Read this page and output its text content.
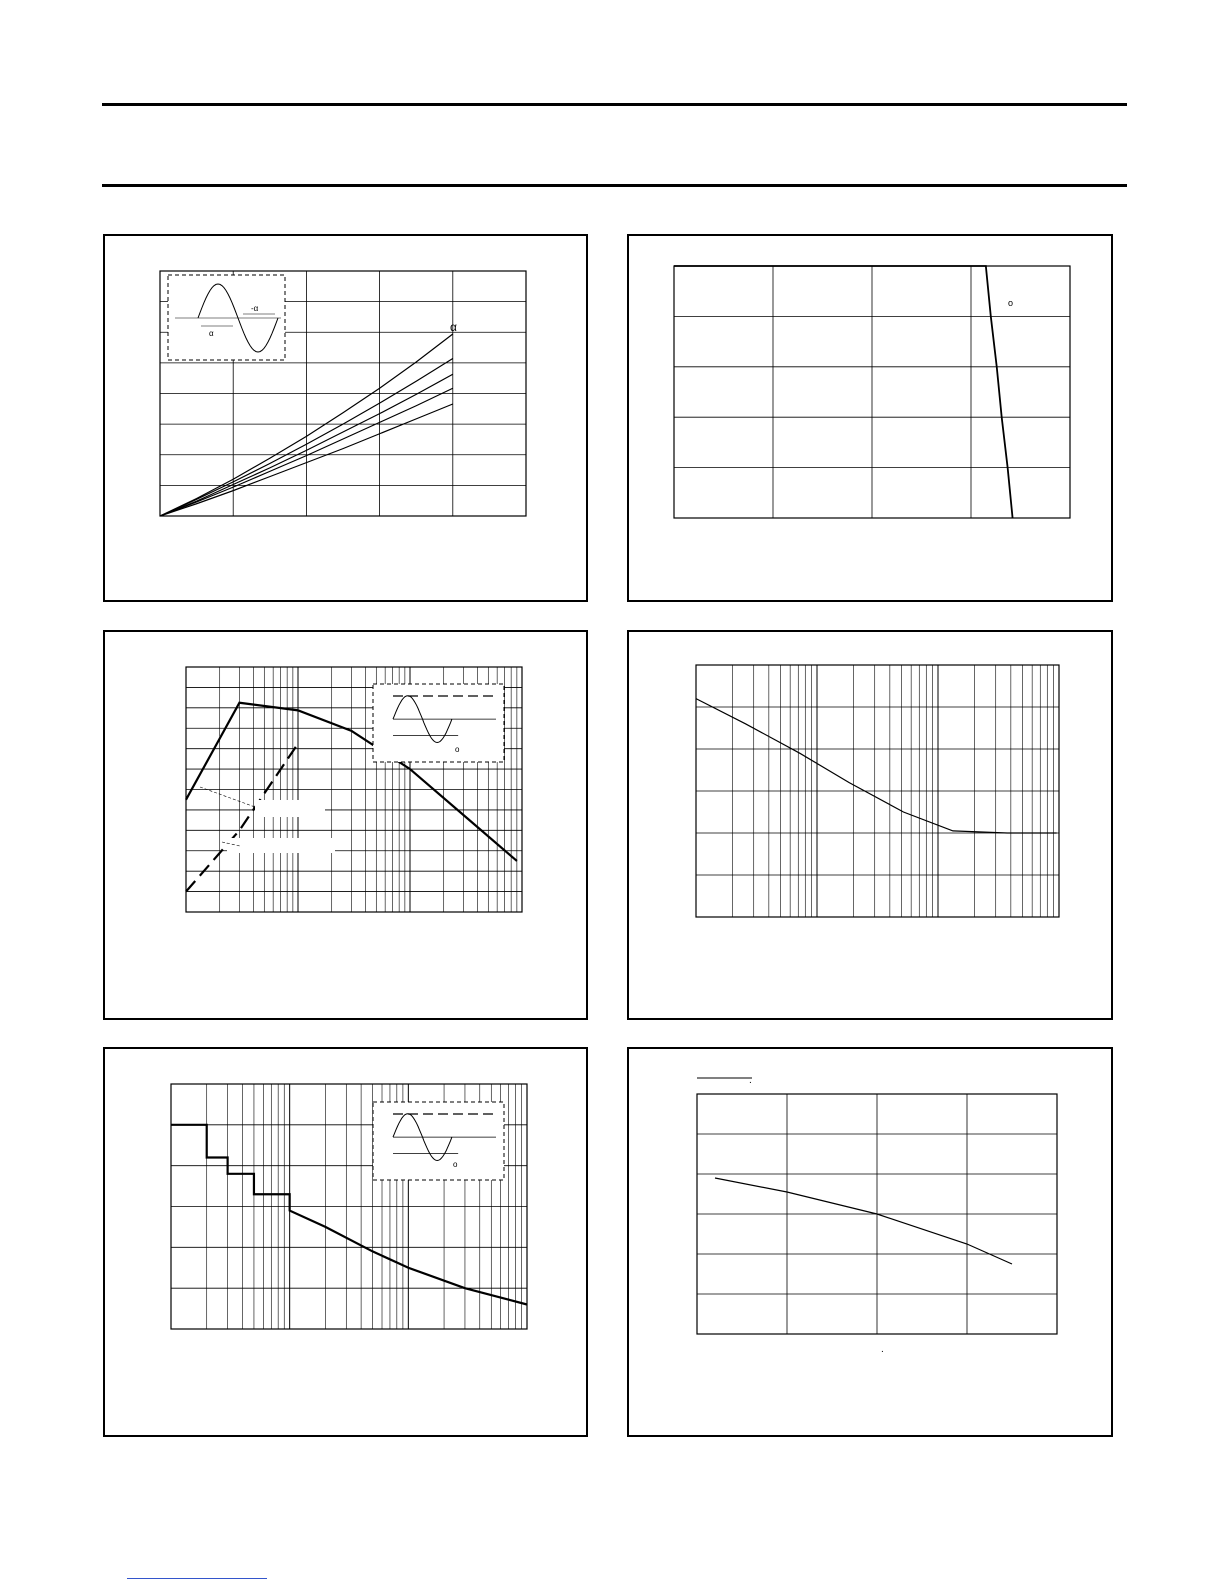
α
α
-α
o
o
o
.
.
